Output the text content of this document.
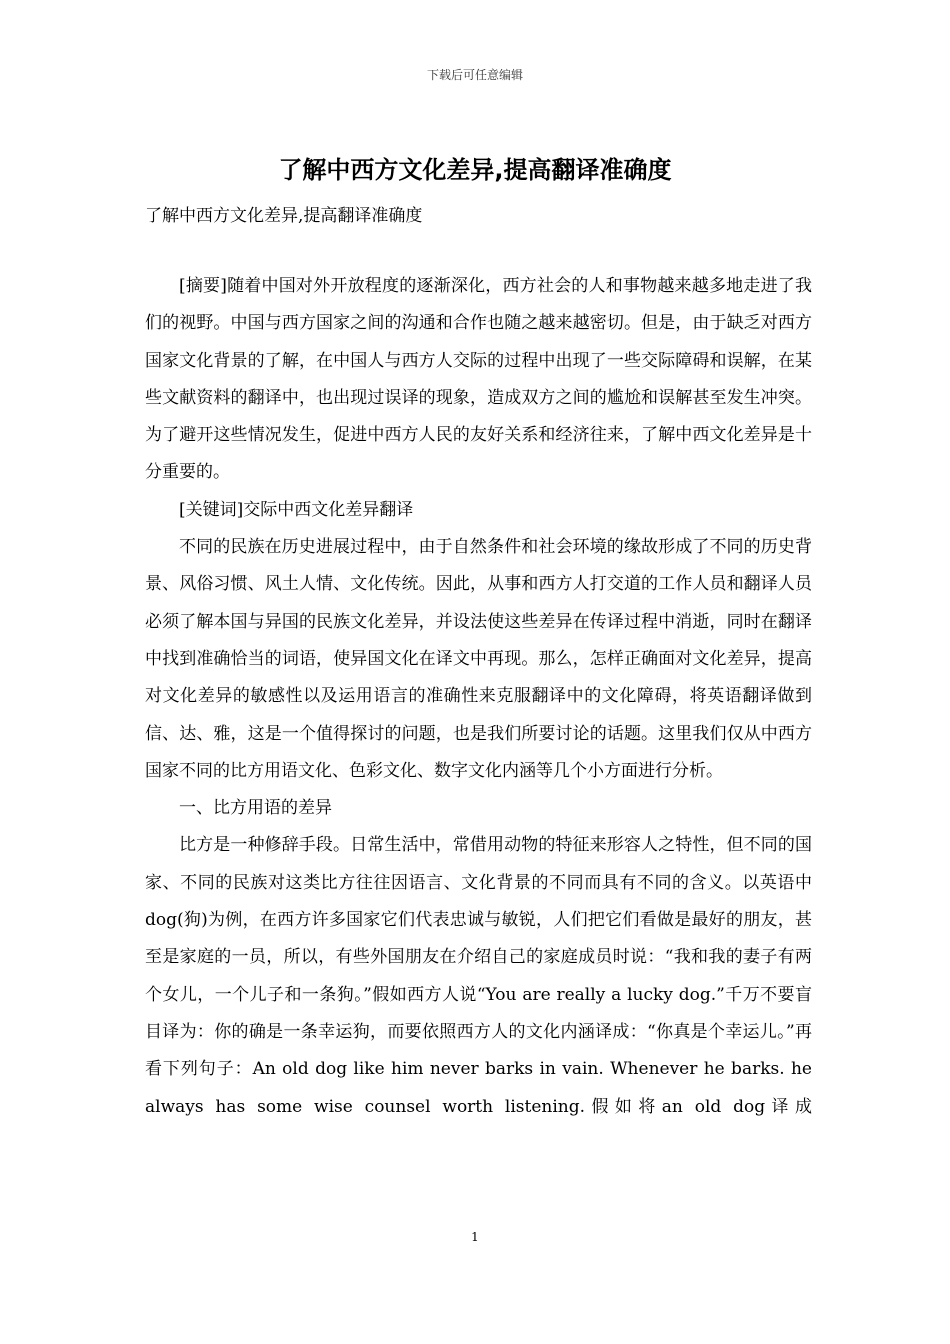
下载后可任意编辑
了解中西方文化差异,提高翻译准确度
了解中西方文化差异,提高翻译准确度

[摘要]随着中国对外开放程度的逐渐深化，西方社会的人和事物越来越多地走进了我们的视野。中国与西方国家之间的沟通和合作也随之越来越密切。但是，由于缺乏对西方国家文化背景的了解，在中国人与西方人交际的过程中出现了一些交际障碍和误解，在某些文献资料的翻译中，也出现过误译的现象，造成双方之间的尴尬和误解甚至发生冲突。为了避开这些情况发生，促进中西方人民的友好关系和经济往来，了解中西文化差异是十分重要的。

[关键词]交际中西文化差异翻译

不同的民族在历史进展过程中，由于自然条件和社会环境的缘故形成了不同的历史背景、风俗习惯、风土人情、文化传统。因此，从事和西方人打交道的工作人员和翻译人员必须了解本国与异国的民族文化差异，并设法使这些差异在传译过程中消逝，同时在翻译中找到准确恰当的词语，使异国文化在译文中再现。那么，怎样正确面对文化差异，提高对文化差异的敏感性以及运用语言的准确性来克服翻译中的文化障碍，将英语翻译做到信、达、雅，这是一个值得探讨的问题，也是我们所要讨论的话题。这里我们仅从中西方国家不同的比方用语文化、色彩文化、数字文化内涵等几个小方面进行分析。

一、比方用语的差异

比方是一种修辞手段。日常生活中，常借用动物的特征来形容人之特性，但不同的国家、不同的民族对这类比方往往因语言、文化背景的不同而具有不同的含义。以英语中dog(狗)为例，在西方许多国家它们代表忠诚与敏锐，人们把它们看做是最好的朋友，甚至是家庭的一员，所以，有些外国朋友在介绍自己的家庭成员时说：“我和我的妻子有两个女儿，一个儿子和一条狗。”假如西方人说“You are really a lucky dog.”千万不要盲目译为：你的确是一条幸运狗，而要依照西方人的文化内涵译成：“你真是个幸运儿。”再看下列句子：An old dog like him never barks in vain. Whenever he barks. he always has some wise counsel worth listening.假如将an old dog译成

1
